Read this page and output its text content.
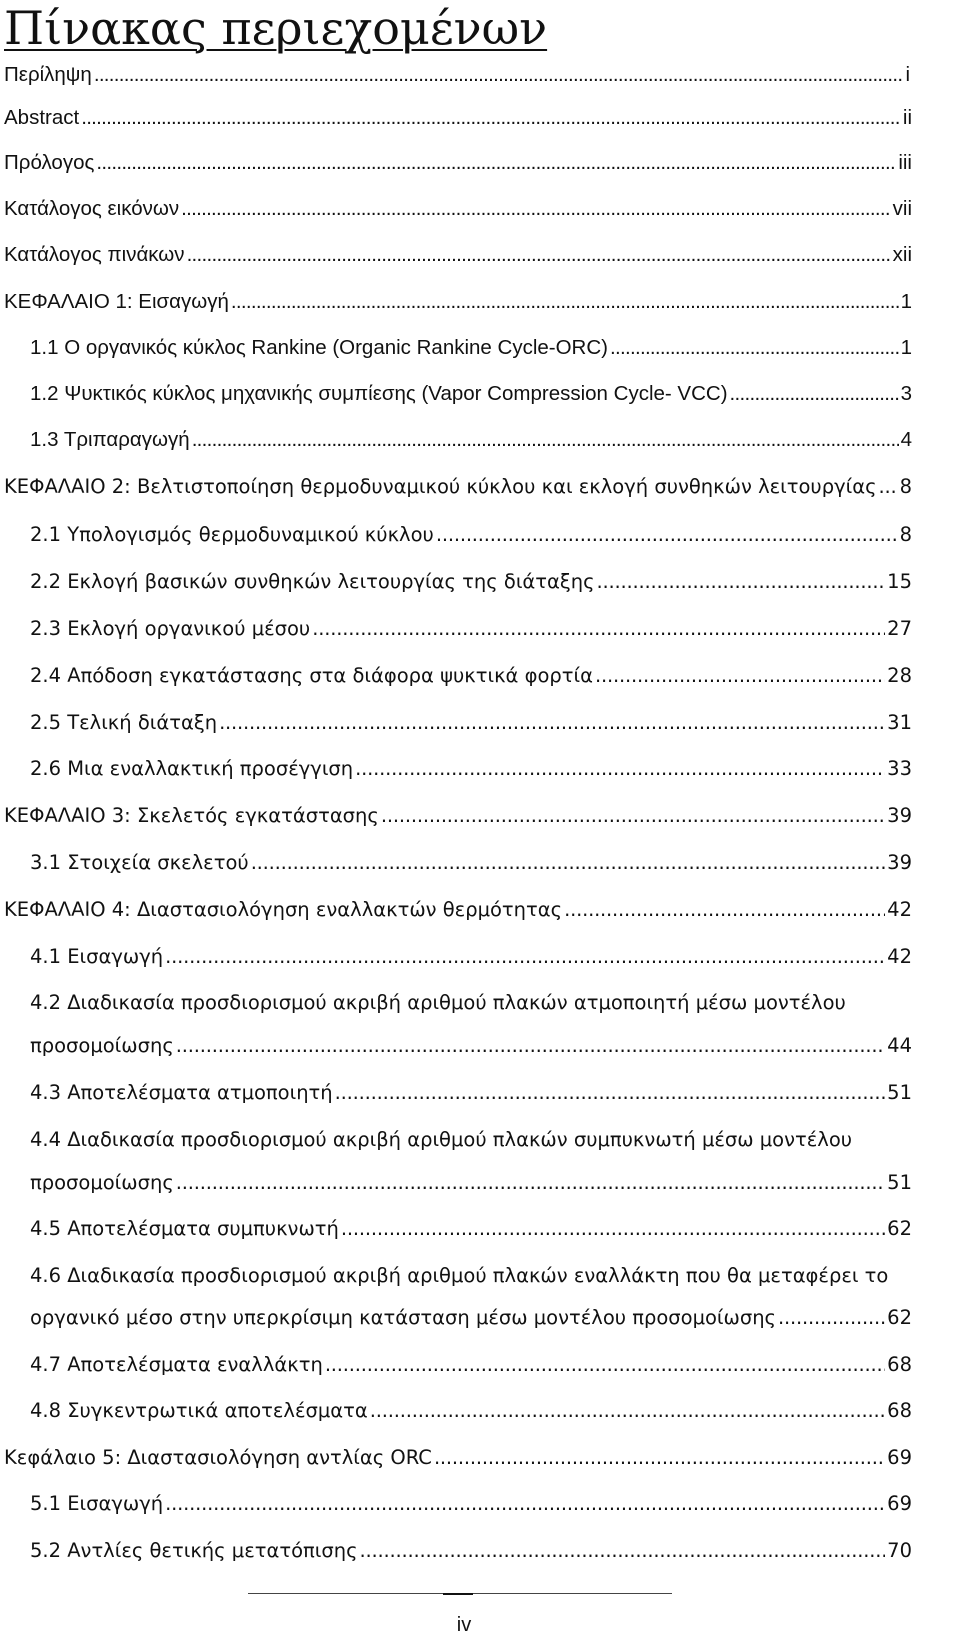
Πίνακας περιεχομένων
Περίληψη . . .	i
Abstract . . .	ii
Πρόλογος . . .	iii
Κατάλογος εικόνων . . .	vii
Κατάλογος πινάκων . . .	xii
ΚΕΦΑΛΑΙΟ 1: Εισαγωγή . . .	1
1.1 Ο οργανικός κύκλος Rankine (Organic Rankine Cycle-ORC) . . .	1
1.2 Ψυκτικός κύκλος μηχανικής συμπίεσης (Vapor Compression Cycle- VCC) . . .	3
1.3 Τριπαραγωγή . . .	4
ΚΕΦΑΛΑΙΟ 2: Βελτιστοποίηση θερμοδυναμικού κύκλου και εκλογή συνθηκών λειτουργίας . . . 8
2.1 Υπολογισμός θερμοδυναμικού κύκλου . . .	8
2.2 Εκλογή βασικών συνθηκών λειτουργίας της διάταξης . . .	15
2.3 Εκλογή οργανικού μέσου . . .	27
2.4 Απόδοση εγκατάστασης στα διάφορα ψυκτικά φορτία . . .	28
2.5 Τελική διάταξη . . .	31
2.6 Μια εναλλακτική προσέγγιση . . .	33
ΚΕΦΑΛΑΙΟ 3: Σκελετός εγκατάστασης . . .	39
3.1 Στοιχεία σκελετού . . .	39
ΚΕΦΑΛΑΙΟ 4: Διαστασιολόγηση εναλλακτών θερμότητας . . .	42
4.1 Εισαγωγή . . .	42
4.2 Διαδικασία προσδιορισμού ακριβή αριθμού πλακών ατμοποιητή μέσω μοντέλου
προσομοίωσης . . .	44
4.3 Αποτελέσματα ατμοποιητή . . .	51
4.4 Διαδικασία προσδιορισμού ακριβή αριθμού πλακών συμπυκνωτή μέσω μοντέλου
προσομοίωσης . . .	51
4.5 Αποτελέσματα συμπυκνωτή . . .	62
4.6 Διαδικασία προσδιορισμού ακριβή αριθμού πλακών εναλλάκτη που θα μεταφέρει το
οργανικό μέσο στην υπερκρίσιμη κατάσταση μέσω μοντέλου προσομοίωσης . . .	62
4.7 Αποτελέσματα εναλλάκτη . . .	68
4.8 Συγκεντρωτικά αποτελέσματα . . .	68
Κεφάλαιο 5: Διαστασιολόγηση αντλίας ORC . . .	69
5.1 Εισαγωγή . . .	69
5.2 Αντλίες θετικής μετατόπισης . . .	70
iv
